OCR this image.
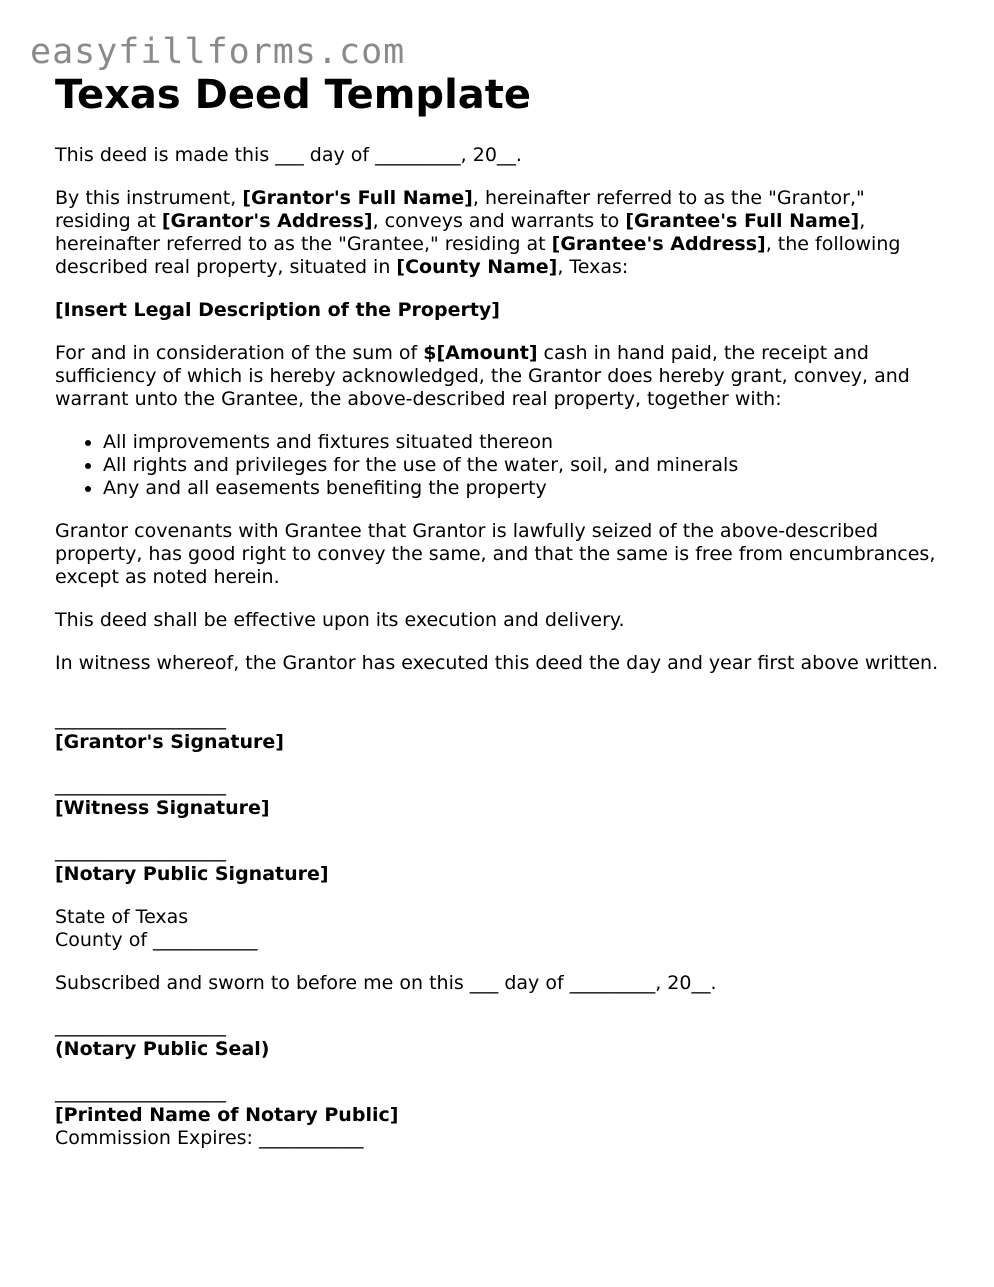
easyfillforms.com
Texas Deed Template

This deed is made this ___ day of _________, 20__.

By this instrument, [Grantor's Full Name], hereinafter referred to as the "Grantor," residing at [Grantor's Address], conveys and warrants to [Grantee's Full Name], hereinafter referred to as the "Grantee," residing at [Grantee's Address], the following described real property, situated in [County Name], Texas:

[Insert Legal Description of the Property]

For and in consideration of the sum of $[Amount] cash in hand paid, the receipt and sufficiency of which is hereby acknowledged, the Grantor does hereby grant, convey, and warrant unto the Grantee, the above-described real property, together with:

• All improvements and fixtures situated thereon
• All rights and privileges for the use of the water, soil, and minerals
• Any and all easements benefiting the property

Grantor covenants with Grantee that Grantor is lawfully seized of the above-described property, has good right to convey the same, and that the same is free from encumbrances, except as noted herein.

This deed shall be effective upon its execution and delivery.

In witness whereof, the Grantor has executed this deed the day and year first above written.

__________________
[Grantor's Signature]
__________________
[Witness Signature]
__________________
[Notary Public Signature]

State of Texas

County of ___________

Subscribed and sworn to before me on this ___ day of _________, 20__.

__________________
(Notary Public Seal)
__________________
[Printed Name of Notary Public]
Commission Expires: ___________
